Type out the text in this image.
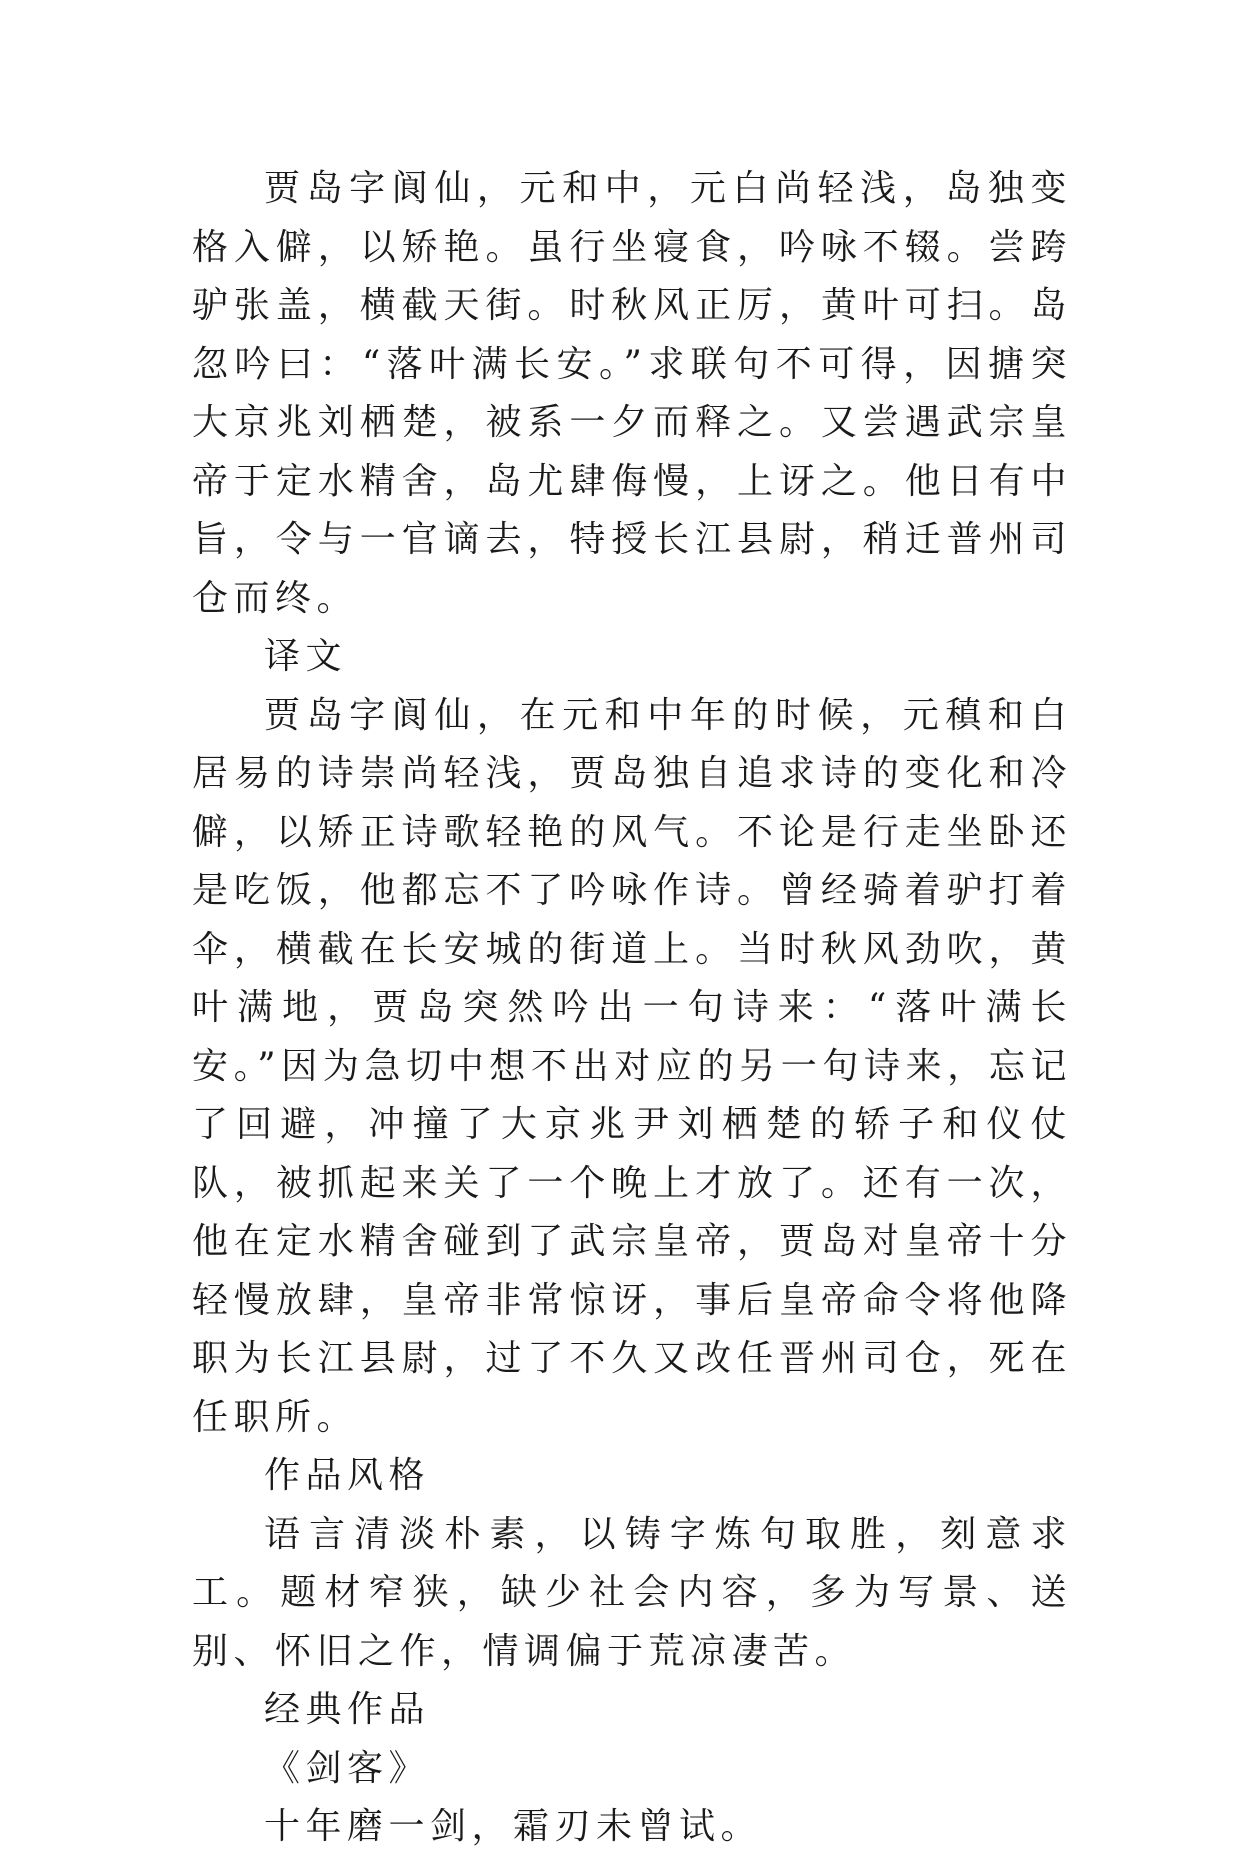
贾岛字阆仙，元和中，元白尚轻浅，岛独变格入僻，以矫艳。虽行坐寝食，吟咏不辍。尝跨驴张盖，横截天街。时秋风正厉，黄叶可扫。岛忽吟曰：“落叶满长安。”求联句不可得，因搪突大京兆刘栖楚，被系一夕而释之。又尝遇武宗皇帝于定水精舍，岛尤肆侮慢，上讶之。他日有中旨，令与一官谪去，特授长江县尉，稍迁普州司仓而终。

译文

贾岛字阆仙，在元和中年的时候，元稹和白居易的诗崇尚轻浅，贾岛独自追求诗的变化和冷僻，以矫正诗歌轻艳的风气。不论是行走坐卧还是吃饭，他都忘不了吟咏作诗。曾经骑着驴打着伞，横截在长安城的街道上。当时秋风劲吹，黄叶满地，贾岛突然吟出一句诗来：“落叶满长安。”因为急切中想不出对应的另一句诗来，忘记了回避，冲撞了大京兆尹刘栖楚的轿子和仪仗队，被抓起来关了一个晚上才放了。还有一次，他在定水精舍碰到了武宗皇帝，贾岛对皇帝十分轻慢放肆，皇帝非常惊讶，事后皇帝命令将他降职为长江县尉，过了不久又改任晋州司仓，死在任职所。

作品风格

语言清淡朴素，以铸字炼句取胜，刻意求工。题材窄狭，缺少社会内容，多为写景、送别、怀旧之作，情调偏于荒凉凄苦。

经典作品

《剑客》

十年磨一剑，霜刃未曾试。
